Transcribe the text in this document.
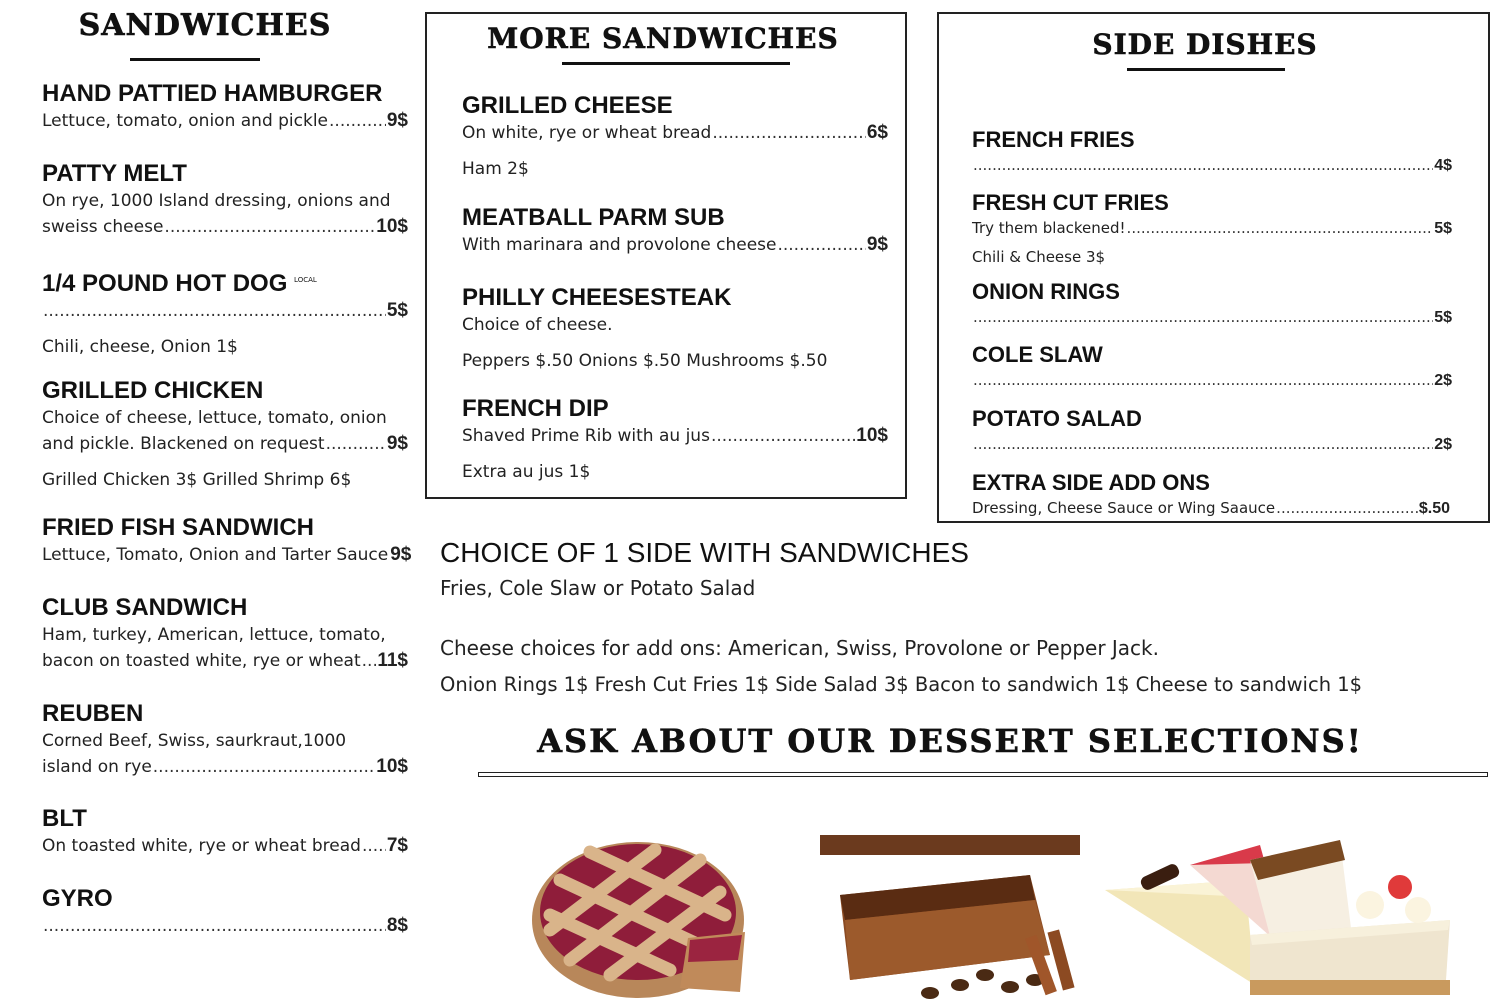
SANDWICHES
HAND PATTIED HAMBURGER
Lettuce, tomato, onion and pickle .....	9$
PATTY MELT
On rye, 1000 Island dressing, onions and
sweiss cheese .....	10$
1/4 POUND HOT DOG $^{LOCAL}$
.....
5$
Chili, cheese, Onion 1$
GRILLED CHICKEN
Choice of cheese, lettuce, tomato, onion
and pickle. Blackened on request .....	9$
Grilled Chicken 3$ Grilled Shrimp 6$
FRIED FISH SANDWICH
Lettuce, Tomato, Onion and Tarter Sauce 9$
CLUB SANDWICH
Ham, turkey, American, lettuce, tomato,
bacon on toasted white, rye or wheat ..... 11$
REUBEN
Corned Beef, Swiss, saurkraut,1000
island on rye .....	10$
BLT
On toasted white, rye or wheat bread ..... 7$
GYRO
.....
8$
MORE SANDWICHES
GRILLED CHEESE
On white, rye or wheat bread .....	6$
Ham 2$
MEATBALL PARM SUB
With marinara and provolone cheese .....	9$
PHILLY CHEESESTEAK
Choice of cheese.
Peppers $.50 Onions $.50 Mushrooms $.50
FRENCH DIP
Shaved Prime Rib with au jus .....	10$
Extra au jus 1$
SIDE DISHES
FRENCH FRIES
.....
4$
FRESH CUT FRIES
Try them blackened! .....	5$
Chili & Cheese 3$
ONION RINGS
.....
5$
COLE SLAW
.....
2$
POTATO SALAD
.....
2$
EXTRA SIDE ADD ONS
Dressing, Cheese Sauce or Wing Saauce .....	$.50
CHOICE OF 1 SIDE WITH SANDWICHES
Fries, Cole Slaw or Potato Salad
Cheese choices for add ons: American, Swiss, Provolone or Pepper Jack.
Onion Rings 1$ Fresh Cut Fries 1$ Side Salad 3$ Bacon to sandwich 1$ Cheese to sandwich 1$
ASK ABOUT OUR DESSERT SELECTIONS!
